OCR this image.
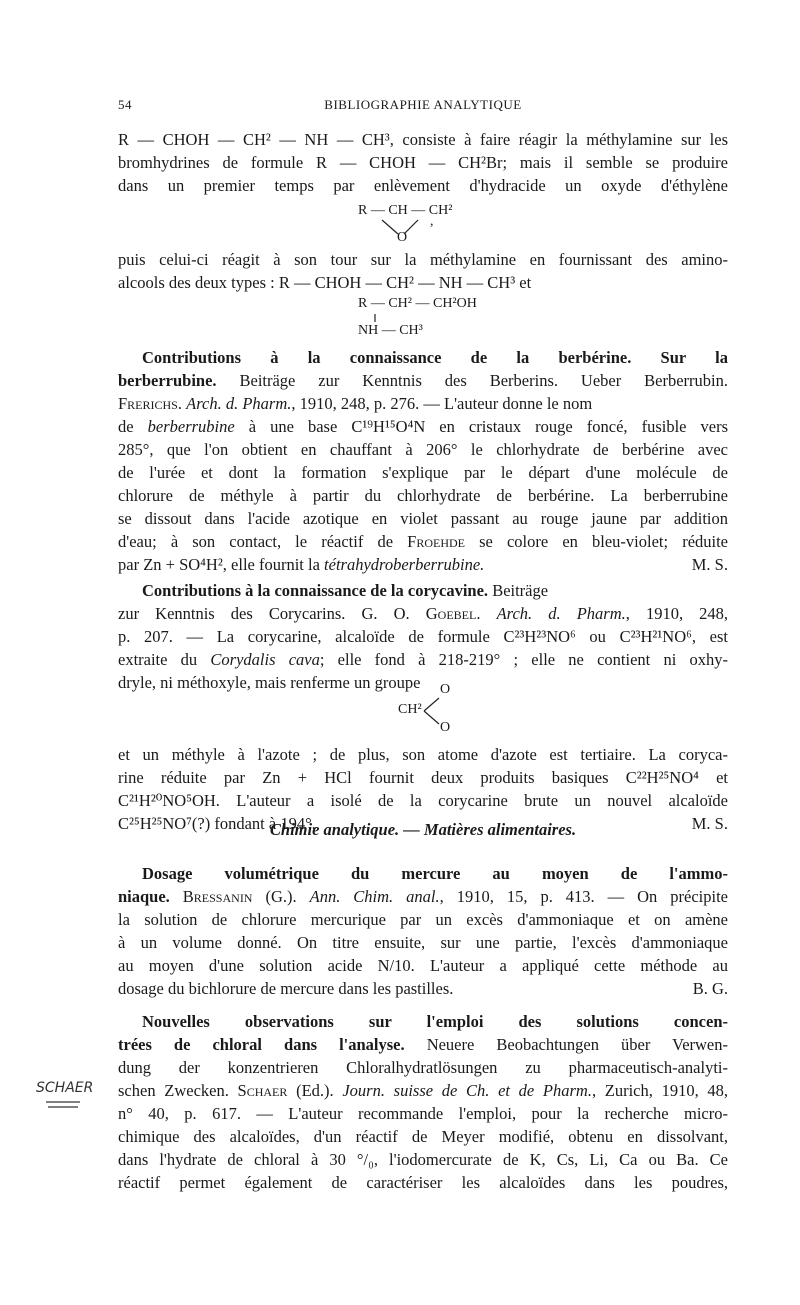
54	BIBLIOGRAPHIE ANALYTIQUE
R — CHOH — CH² — NH — CH³, consiste à faire réagir la méthylamine sur les
bromhydrines de formule R — CHOH — CH²Br; mais il semble se produire
dans un premier temps par enlèvement d'hydracide un oxyde d'éthylène
R — CH — CH²
O
,
puis celui-ci réagit à son tour sur la méthylamine en fournissant des amino-
alcools des deux types : R — CHOH — CH² — NH — CH³ et
R — CH² — CH²OH
NH — CH³
Contributions à la connaissance de la berbérine. Sur la
berberrubine. Beiträge zur Kenntnis des Berberins. Ueber Berberrubin.
Frerichs. Arch. d. Pharm., 1910, 248, p. 276. — L'auteur donne le nom
de berberrubine à une base C¹⁹H¹⁵O⁴N en cristaux rouge foncé, fusible vers
285°, que l'on obtient en chauffant à 206° le chlorhydrate de berbérine avec
de l'urée et dont la formation s'explique par le départ d'une molécule de
chlorure de méthyle à partir du chlorhydrate de berbérine. La berberrubine
se dissout dans l'acide azotique en violet passant au rouge jaune par addition
d'eau; à son contact, le réactif de Froehde se colore en bleu-violet; réduite
par Zn + SO⁴H², elle fournit la tétrahydroberberrubine.	M. S.
Contributions à la connaissance de la corycavine. Beiträge
zur Kenntnis des Corycarins. G. O. Goebel. Arch. d. Pharm., 1910, 248,
p. 207. — La corycarine, alcaloïde de formule C²³H²³NO⁶ ou C²³H²¹NO⁶, est
extraite du Corydalis cava; elle fond à 218-219° ; elle ne contient ni oxhy-
dryle, ni méthoxyle, mais renferme un groupe
CH²
O
O
et un méthyle à l'azote ; de plus, son atome d'azote est tertiaire. La coryca-
rine réduite par Zn + HCl fournit deux produits basiques C²²H²⁵NO⁴ et
C²¹H²⁰NO⁵OH. L'auteur a isolé de la corycarine brute un nouvel alcaloïde
C²⁵H²⁵NO⁷(?) fondant à 194°.	M. S.
Chimie analytique. — Matières alimentaires.
Dosage volumétrique du mercure au moyen de l'ammo-
niaque. Bressanin (G.). Ann. Chim. anal., 1910, 15, p. 413. — On précipite
la solution de chlorure mercurique par un excès d'ammoniaque et on amène
à un volume donné. On titre ensuite, sur une partie, l'excès d'ammoniaque
au moyen d'une solution acide N/10. L'auteur a appliqué cette méthode au
dosage du bichlorure de mercure dans les pastilles.	B. G.
Nouvelles observations sur l'emploi des solutions concen-
trées de chloral dans l'analyse. Neuere Beobachtungen über Verwen-
dung der konzentrieren Chloralhydratlösungen zu pharmaceutisch-analyti-
schen Zwecken. Schaer (Ed.). Journ. suisse de Ch. et de Pharm., Zurich, 1910, 48,
n° 40, p. 617. — L'auteur recommande l'emploi, pour la recherche micro-
chimique des alcaloïdes, d'un réactif de Meyer modifié, obtenu en dissolvant,
dans l'hydrate de chloral à 30 °/₀, l'iodomercurate de K, Cs, Li, Ca ou Ba. Ce
réactif permet également de caractériser les alcaloïdes dans les poudres,
SCHAER
